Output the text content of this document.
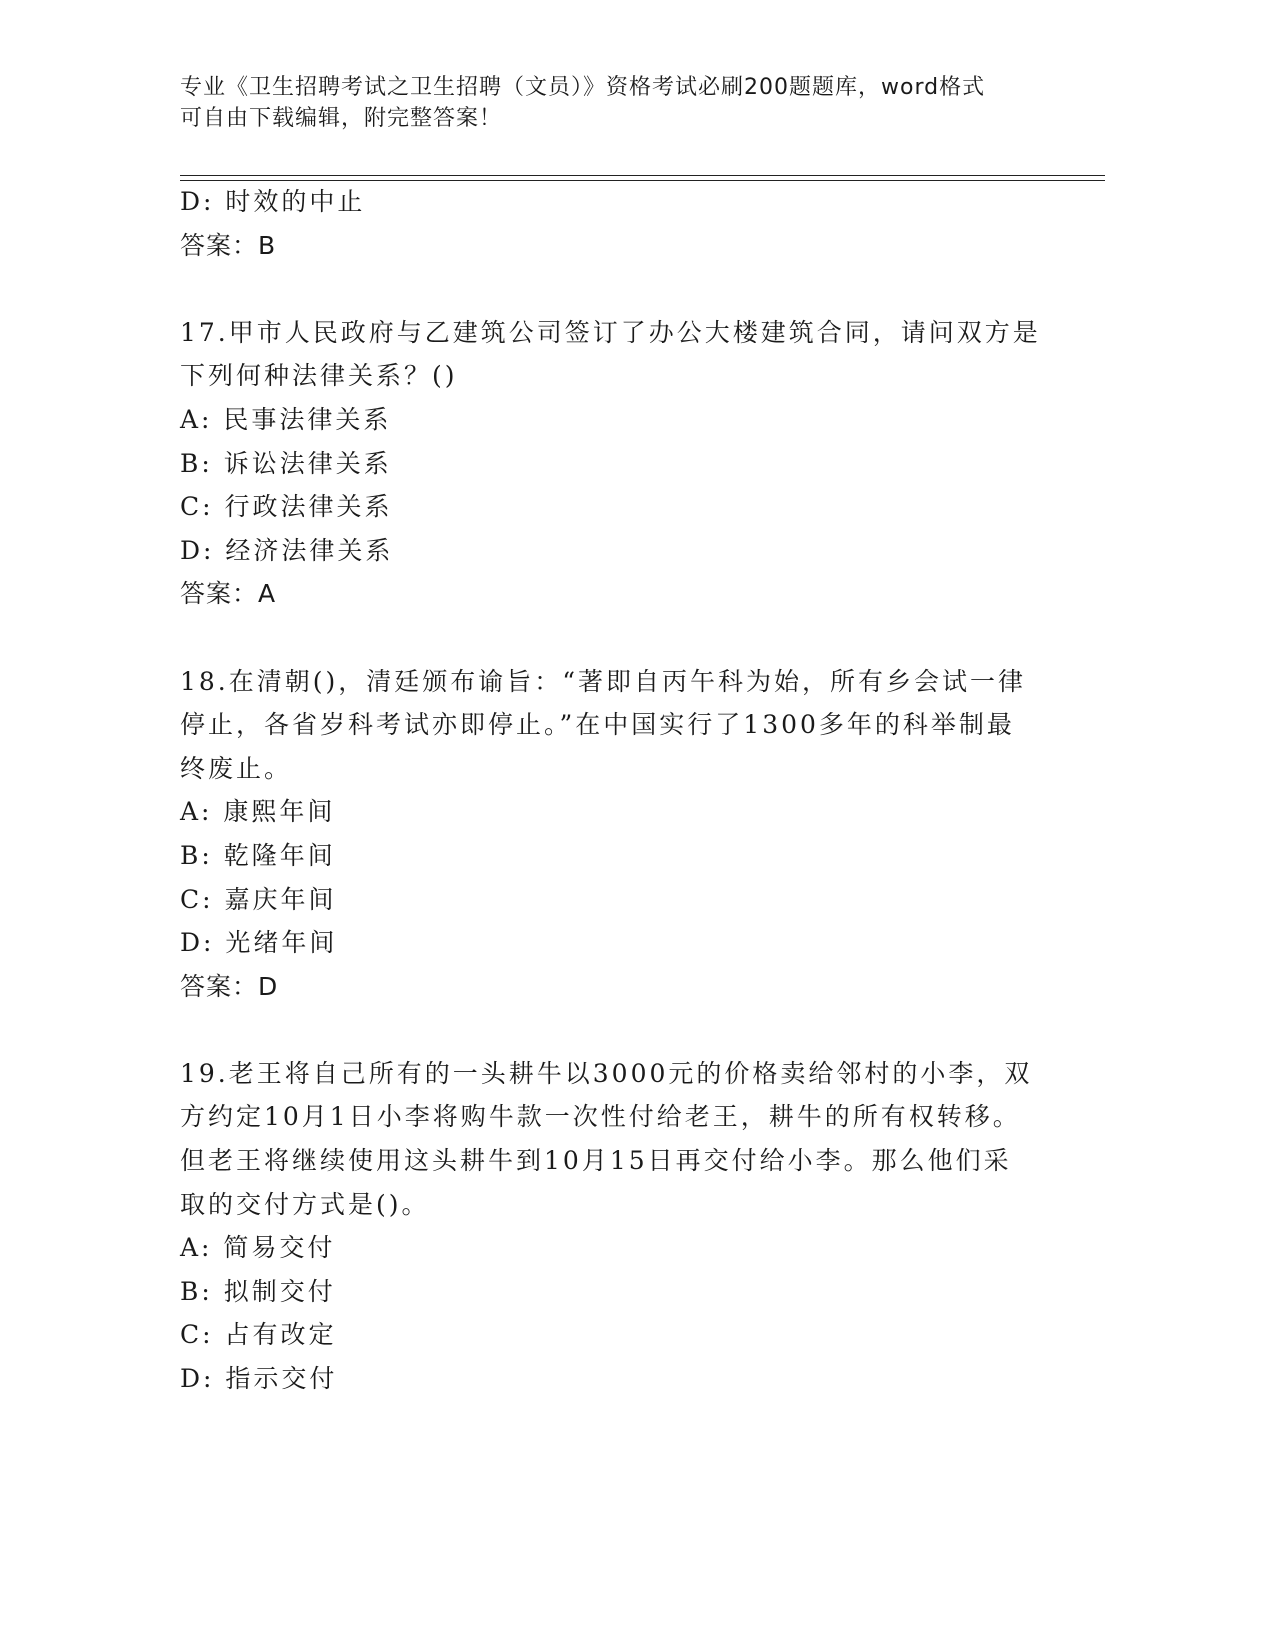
专业《卫生招聘考试之卫生招聘（文员）》资格考试必刷200题题库，word格式
可自由下载编辑，附完整答案！
D: 时效的中止
答案：B
17.甲市人民政府与乙建筑公司签订了办公大楼建筑合同，请问双方是
下列何种法律关系？()
A: 民事法律关系
B: 诉讼法律关系
C: 行政法律关系
D: 经济法律关系
答案：A
18.在清朝()，清廷颁布谕旨：“著即自丙午科为始，所有乡会试一律
停止，各省岁科考试亦即停止。”在中国实行了1300多年的科举制最
终废止。
A: 康熙年间
B: 乾隆年间
C: 嘉庆年间
D: 光绪年间
答案：D
19.老王将自己所有的一头耕牛以3000元的价格卖给邻村的小李，双
方约定10月1日小李将购牛款一次性付给老王，耕牛的所有权转移。
但老王将继续使用这头耕牛到10月15日再交付给小李。那么他们采
取的交付方式是()。
A: 简易交付
B: 拟制交付
C: 占有改定
D: 指示交付
